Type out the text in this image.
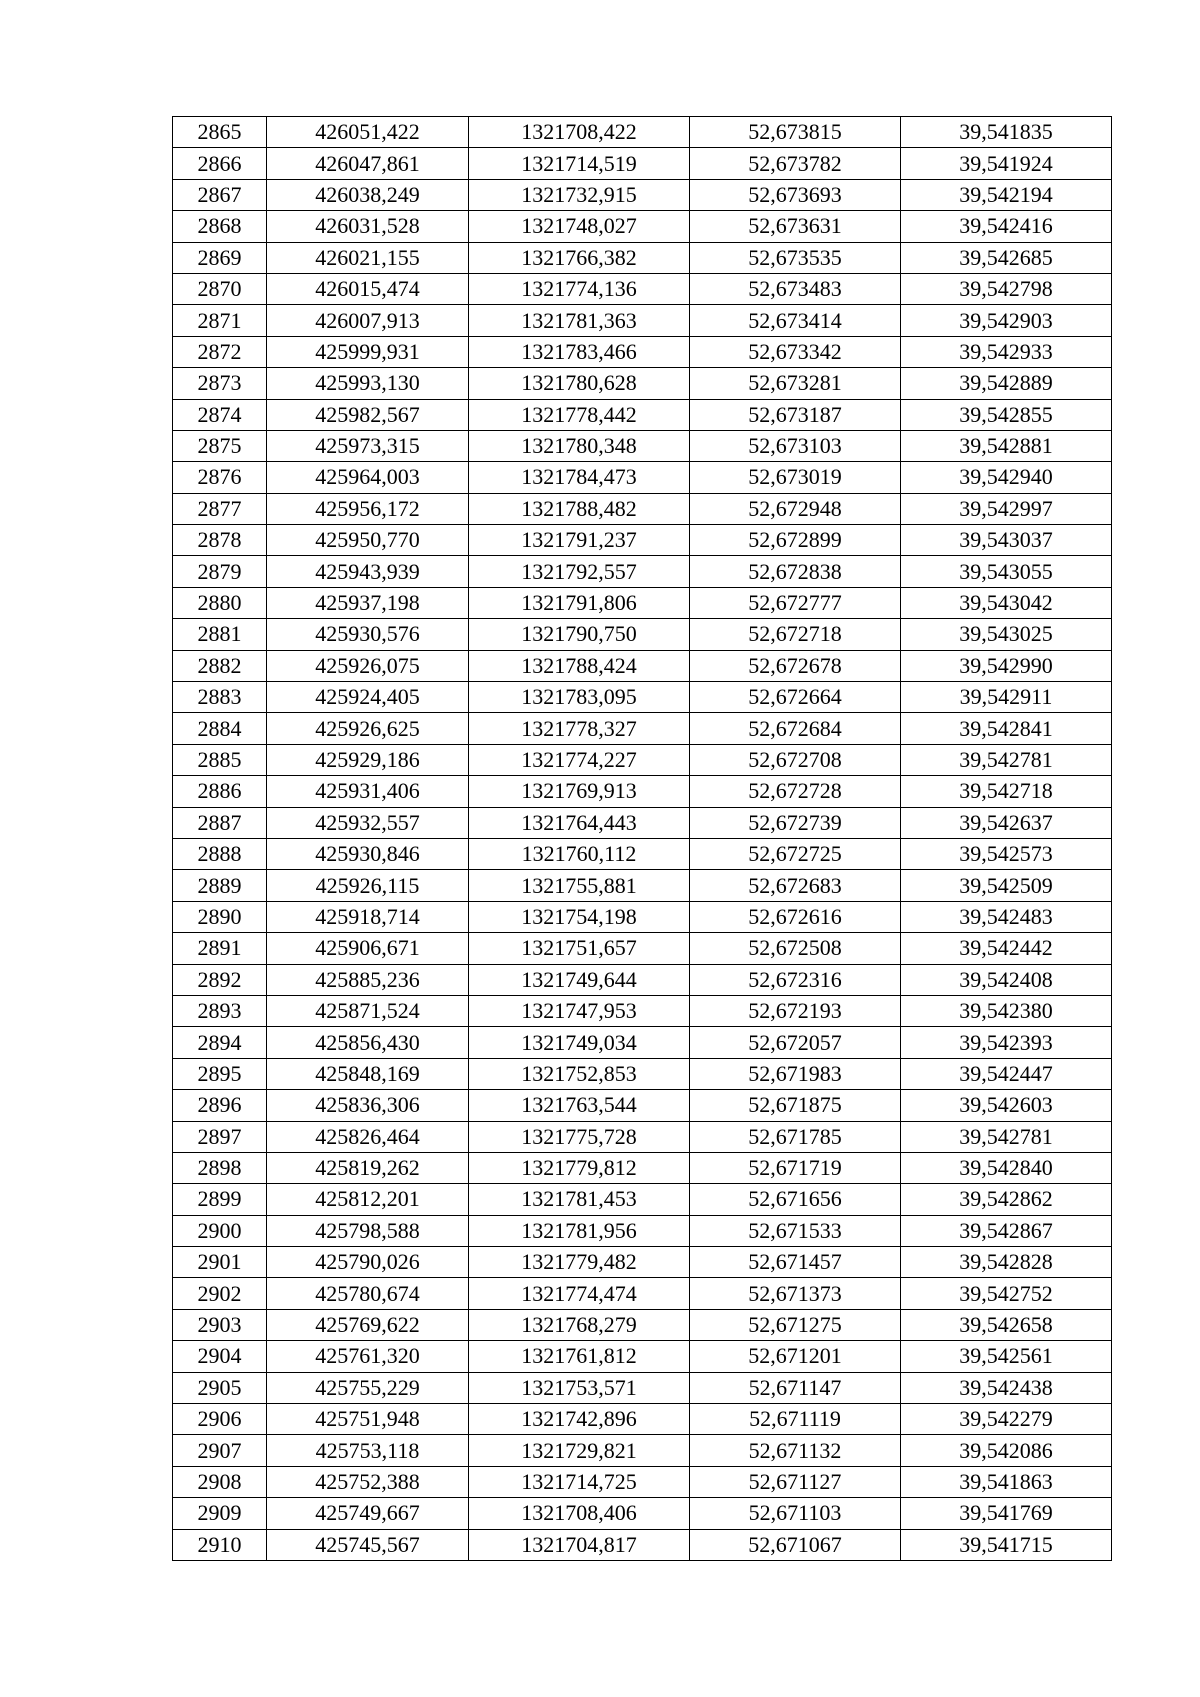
2865	426051,422	1321708,422	52,673815	39,541835
2866	426047,861	1321714,519	52,673782	39,541924
2867	426038,249	1321732,915	52,673693	39,542194
2868	426031,528	1321748,027	52,673631	39,542416
2869	426021,155	1321766,382	52,673535	39,542685
2870	426015,474	1321774,136	52,673483	39,542798
2871	426007,913	1321781,363	52,673414	39,542903
2872	425999,931	1321783,466	52,673342	39,542933
2873	425993,130	1321780,628	52,673281	39,542889
2874	425982,567	1321778,442	52,673187	39,542855
2875	425973,315	1321780,348	52,673103	39,542881
2876	425964,003	1321784,473	52,673019	39,542940
2877	425956,172	1321788,482	52,672948	39,542997
2878	425950,770	1321791,237	52,672899	39,543037
2879	425943,939	1321792,557	52,672838	39,543055
2880	425937,198	1321791,806	52,672777	39,543042
2881	425930,576	1321790,750	52,672718	39,543025
2882	425926,075	1321788,424	52,672678	39,542990
2883	425924,405	1321783,095	52,672664	39,542911
2884	425926,625	1321778,327	52,672684	39,542841
2885	425929,186	1321774,227	52,672708	39,542781
2886	425931,406	1321769,913	52,672728	39,542718
2887	425932,557	1321764,443	52,672739	39,542637
2888	425930,846	1321760,112	52,672725	39,542573
2889	425926,115	1321755,881	52,672683	39,542509
2890	425918,714	1321754,198	52,672616	39,542483
2891	425906,671	1321751,657	52,672508	39,542442
2892	425885,236	1321749,644	52,672316	39,542408
2893	425871,524	1321747,953	52,672193	39,542380
2894	425856,430	1321749,034	52,672057	39,542393
2895	425848,169	1321752,853	52,671983	39,542447
2896	425836,306	1321763,544	52,671875	39,542603
2897	425826,464	1321775,728	52,671785	39,542781
2898	425819,262	1321779,812	52,671719	39,542840
2899	425812,201	1321781,453	52,671656	39,542862
2900	425798,588	1321781,956	52,671533	39,542867
2901	425790,026	1321779,482	52,671457	39,542828
2902	425780,674	1321774,474	52,671373	39,542752
2903	425769,622	1321768,279	52,671275	39,542658
2904	425761,320	1321761,812	52,671201	39,542561
2905	425755,229	1321753,571	52,671147	39,542438
2906	425751,948	1321742,896	52,671119	39,542279
2907	425753,118	1321729,821	52,671132	39,542086
2908	425752,388	1321714,725	52,671127	39,541863
2909	425749,667	1321708,406	52,671103	39,541769
2910	425745,567	1321704,817	52,671067	39,541715
